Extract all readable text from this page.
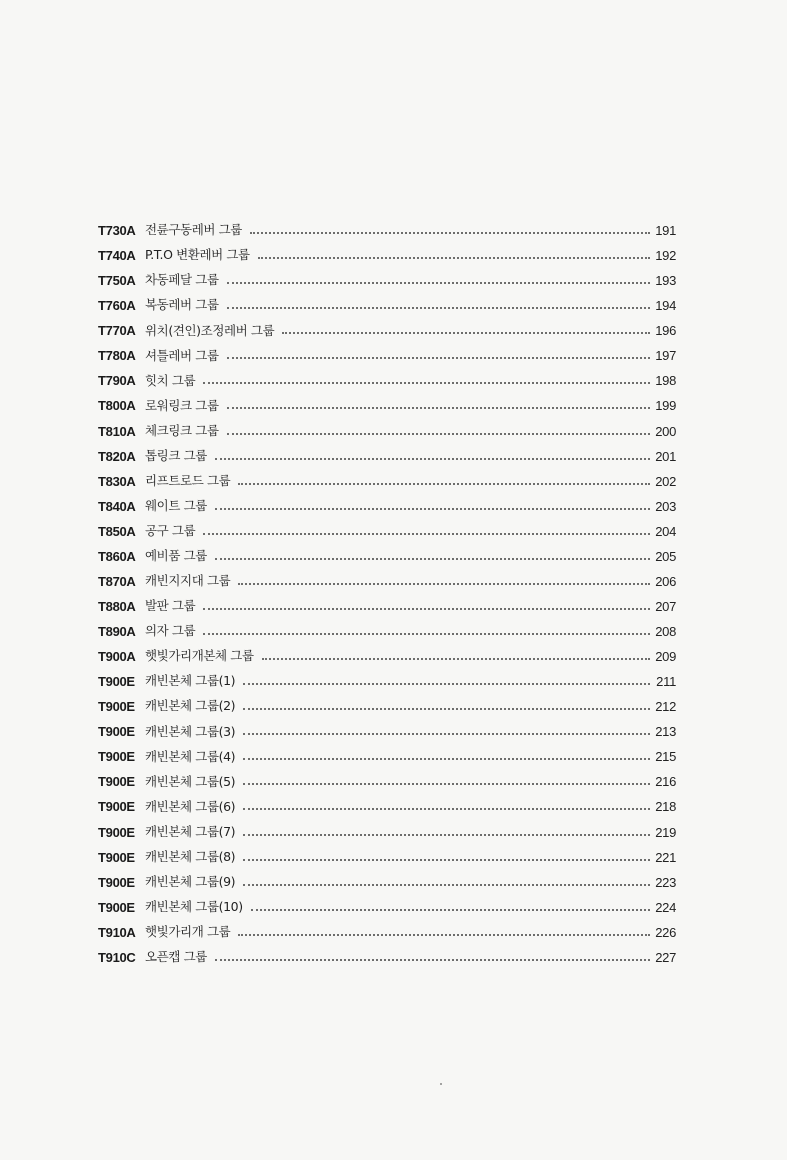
T730A 전륜구동레버 그룹	191
T740A P.T.O 변환레버 그룹	192
T750A 차동페달 그룹	193
T760A 복동레버 그룹	194
T770A 위치(견인)조정레버 그룹	196
T780A 셔틀레버 그룹	197
T790A 힛치 그룹	198
T800A 로워링크 그룹	199
T810A 체크링크 그룹	200
T820A 톱링크 그룹	201
T830A 리프트로드 그룹	202
T840A 웨이트 그룹	203
T850A 공구 그룹	204
T860A 예비품 그룹	205
T870A 캐빈지지대 그룹	206
T880A 발판 그룹	207
T890A 의자 그룹	208
T900A 햇빛가리개본체 그룹	209
T900E 캐빈본체 그룹(1)	211
T900E 캐빈본체 그룹(2)	212
T900E 캐빈본체 그룹(3)	213
T900E 캐빈본체 그룹(4)	215
T900E 캐빈본체 그룹(5)	216
T900E 캐빈본체 그룹(6)	218
T900E 캐빈본체 그룹(7)	219
T900E 캐빈본체 그룹(8)	221
T900E 캐빈본체 그룹(9)	223
T900E 캐빈본체 그룹(10)	224
T910A 햇빛가리개 그룹	226
T910C 오픈캡 그룹	227
